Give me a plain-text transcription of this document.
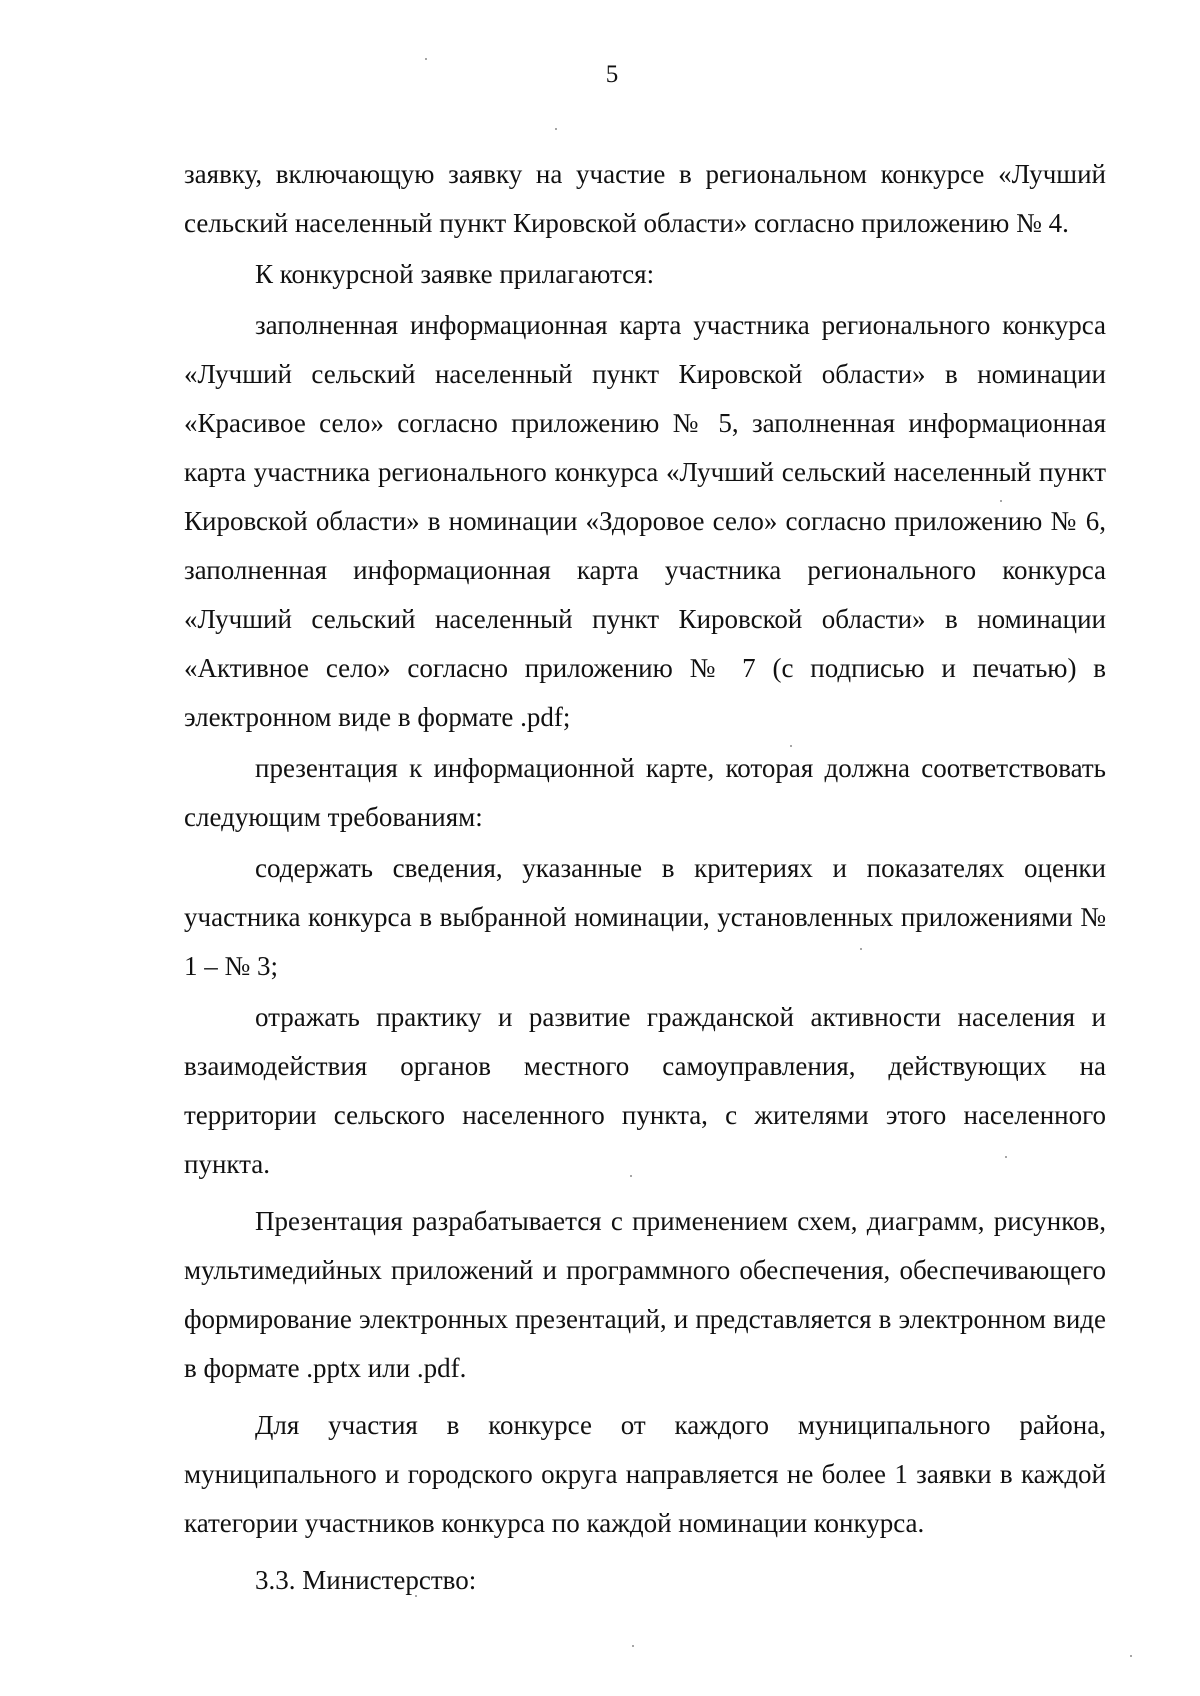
5

заявку, включающую заявку на участие в региональном конкурсе «Лучший сельский населенный пункт Кировской области» согласно приложению № 4.

К конкурсной заявке прилагаются:

заполненная информационная карта участника регионального конкурса «Лучший сельский населенный пункт Кировской области» в номинации «Красивое село» согласно приложению № 5, заполненная информационная карта участника регионального конкурса «Лучший сельский населенный пункт Кировской области» в номинации «Здоровое село» согласно приложению № 6, заполненная информационная карта участника регионального конкурса «Лучший сельский населенный пункт Кировской области» в номинации «Активное село» согласно приложению № 7 (с подписью и печатью) в электронном виде в формате .pdf;

презентация к информационной карте, которая должна соответствовать следующим требованиям:

содержать сведения, указанные в критериях и показателях оценки участника конкурса в выбранной номинации, установленных приложениями № 1 – № 3;

отражать практику и развитие гражданской активности населения и взаимодействия органов местного самоуправления, действующих на территории сельского населенного пункта, с жителями этого населенного пункта.

Презентация разрабатывается с применением схем, диаграмм, рисунков, мультимедийных приложений и программного обеспечения, обеспечивающего формирование электронных презентаций, и представляется в электронном виде в формате .pptx или .pdf.

Для участия в конкурсе от каждого муниципального района, муниципального и городского округа направляется не более 1 заявки в каждой категории участников конкурса по каждой номинации конкурса.

3.3. Министерство:
